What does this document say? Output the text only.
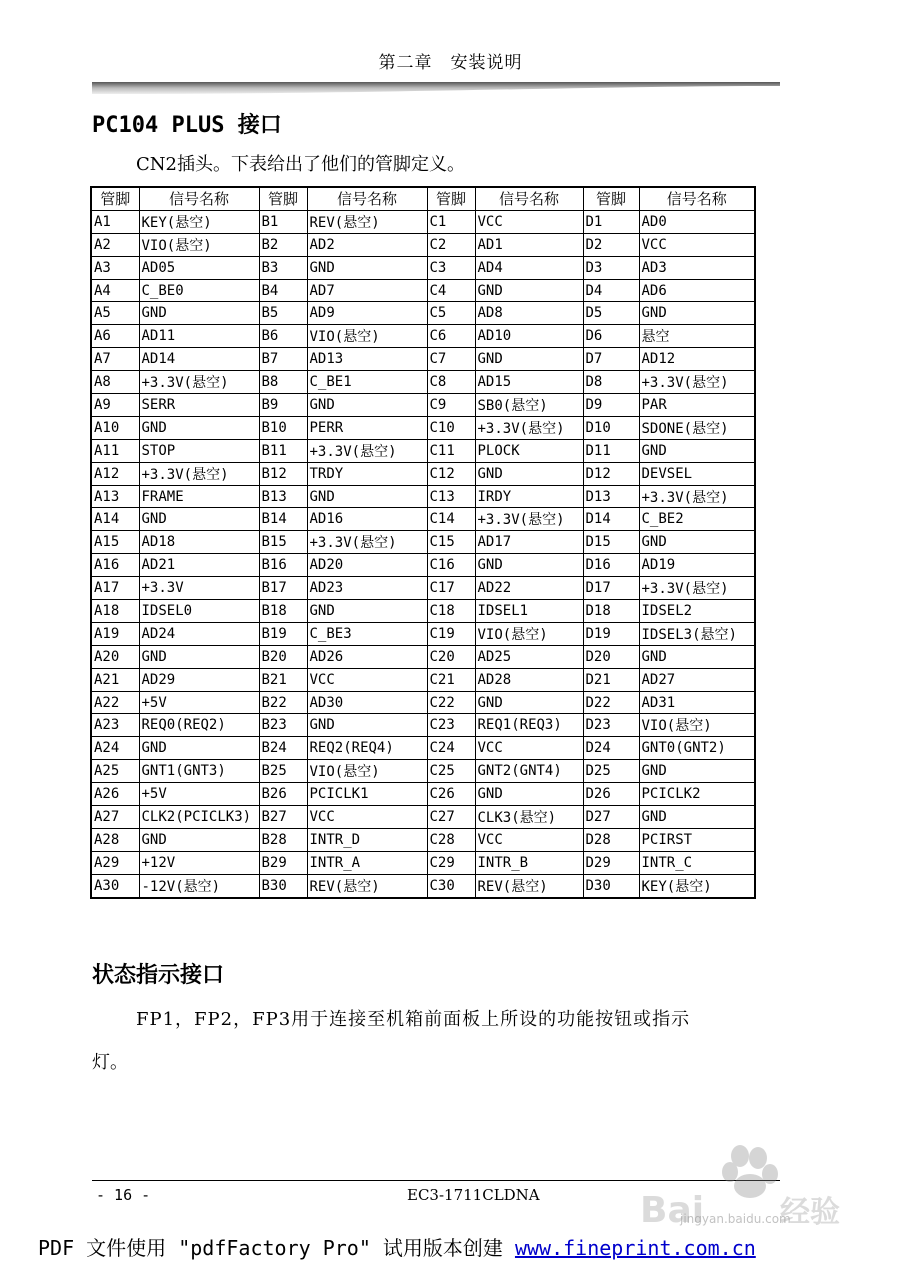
第二章　安装说明
PC104 PLUS 接口
CN2插头。下表给出了他们的管脚定义。
管脚	信号名称	管脚	信号名称	管脚	信号名称	管脚	信号名称
A1	KEY(悬空)	B1	REV(悬空)	C1	VCC	D1	AD0
A2	VIO(悬空)	B2	AD2	C2	AD1	D2	VCC
A3	AD05	B3	GND	C3	AD4	D3	AD3
A4	C_BE0	B4	AD7	C4	GND	D4	AD6
A5	GND	B5	AD9	C5	AD8	D5	GND
A6	AD11	B6	VIO(悬空)	C6	AD10	D6	悬空
A7	AD14	B7	AD13	C7	GND	D7	AD12
A8	+3.3V(悬空)	B8	C_BE1	C8	AD15	D8	+3.3V(悬空)
A9	SERR	B9	GND	C9	SB0(悬空)	D9	PAR
A10	GND	B10	PERR	C10	+3.3V(悬空)	D10	SDONE(悬空)
A11	STOP	B11	+3.3V(悬空)	C11	PLOCK	D11	GND
A12	+3.3V(悬空)	B12	TRDY	C12	GND	D12	DEVSEL
A13	FRAME	B13	GND	C13	IRDY	D13	+3.3V(悬空)
A14	GND	B14	AD16	C14	+3.3V(悬空)	D14	C_BE2
A15	AD18	B15	+3.3V(悬空)	C15	AD17	D15	GND
A16	AD21	B16	AD20	C16	GND	D16	AD19
A17	+3.3V	B17	AD23	C17	AD22	D17	+3.3V(悬空)
A18	IDSEL0	B18	GND	C18	IDSEL1	D18	IDSEL2
A19	AD24	B19	C_BE3	C19	VIO(悬空)	D19	IDSEL3(悬空)
A20	GND	B20	AD26	C20	AD25	D20	GND
A21	AD29	B21	VCC	C21	AD28	D21	AD27
A22	+5V	B22	AD30	C22	GND	D22	AD31
A23	REQ0(REQ2)	B23	GND	C23	REQ1(REQ3)	D23	VIO(悬空)
A24	GND	B24	REQ2(REQ4)	C24	VCC	D24	GNT0(GNT2)
A25	GNT1(GNT3)	B25	VIO(悬空)	C25	GNT2(GNT4)	D25	GND
A26	+5V	B26	PCICLK1	C26	GND	D26	PCICLK2
A27	CLK2(PCICLK3)	B27	VCC	C27	CLK3(悬空)	D27	GND
A28	GND	B28	INTR_D	C28	VCC	D28	PCIRST
A29	+12V	B29	INTR_A	C29	INTR_B	D29	INTR_C
A30	-12V(悬空)	B30	REV(悬空)	C30	REV(悬空)	D30	KEY(悬空)
状态指示接口
FP1，FP2，FP3用于连接至机箱前面板上所设的功能按钮或指示
灯。
- 16 -	EC3-1711CLDNA	Bai	经验
jingyan.baidu.com
PDF 文件使用 "pdfFactory Pro" 试用版本创建 www.fineprint.com.cn
